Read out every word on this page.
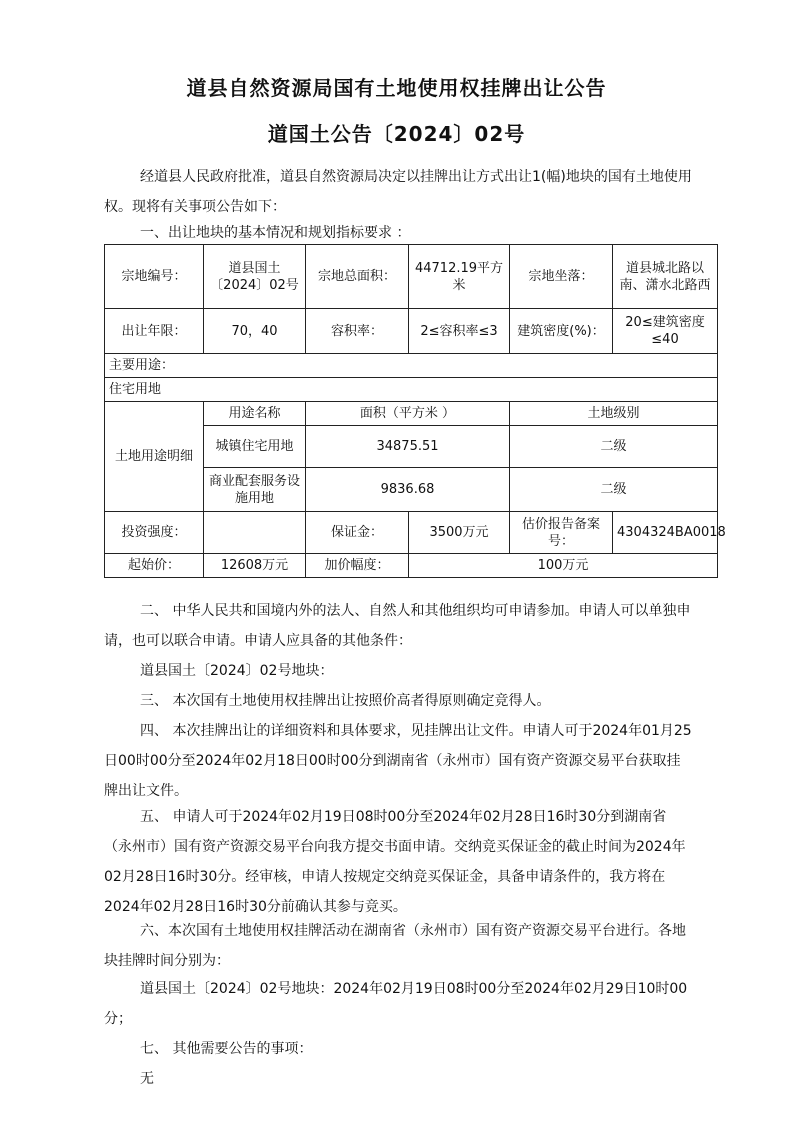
道县自然资源局国有土地使用权挂牌出让公告
道国土公告〔2024〕02号

经道县人民政府批准，道县自然资源局决定以挂牌出让方式出让1(幅)地块的国有土地使用权。现将有关事项公告如下：

一、出让地块的基本情况和规划指标要求 ：

宗地编号：	道县国土〔2024〕02号	宗地总面积：	44712.19平方米	宗地坐落：	道县城北路以南、潇水北路西
出让年限：	70，40	容积率：	2≤容积率≤3	建筑密度(%)：	20≤建筑密度≤40
主要用途：					
住宅用地					
土地用途明细	用途名称	面积（平方米 ）		土地级别	
	城镇住宅用地	34875.51		二级	
	商业配套服务设施用地	9836.68		二级	
投资强度：		保证金：	3500万元	估价报告备案号：	4304324BA0018
起始价：	12608万元	加价幅度：	100万元		

二、 中华人民共和国境内外的法人、自然人和其他组织均可申请参加。申请人可以单独申请，也可以联合申请。申请人应具备的其他条件：

道县国土〔2024〕02号地块：

三、 本次国有土地使用权挂牌出让按照价高者得原则确定竞得人。

四、 本次挂牌出让的详细资料和具体要求，见挂牌出让文件。申请人可于2024年01月25日00时00分至2024年02月18日00时00分到湖南省（永州市）国有资产资源交易平台获取挂牌出让文件。

五、 申请人可于2024年02月19日08时00分至2024年02月28日16时30分到湖南省（永州市）国有资产资源交易平台向我方提交书面申请。交纳竞买保证金的截止时间为2024年02月28日16时30分。经审核，申请人按规定交纳竞买保证金，具备申请条件的，我方将在2024年02月28日16时30分前确认其参与竞买。

六、本次国有土地使用权挂牌活动在湖南省（永州市）国有资产资源交易平台进行。各地块挂牌时间分别为：

道县国土〔2024〕02号地块：2024年02月19日08时00分至2024年02月29日10时00分；

七、 其他需要公告的事项：

无
